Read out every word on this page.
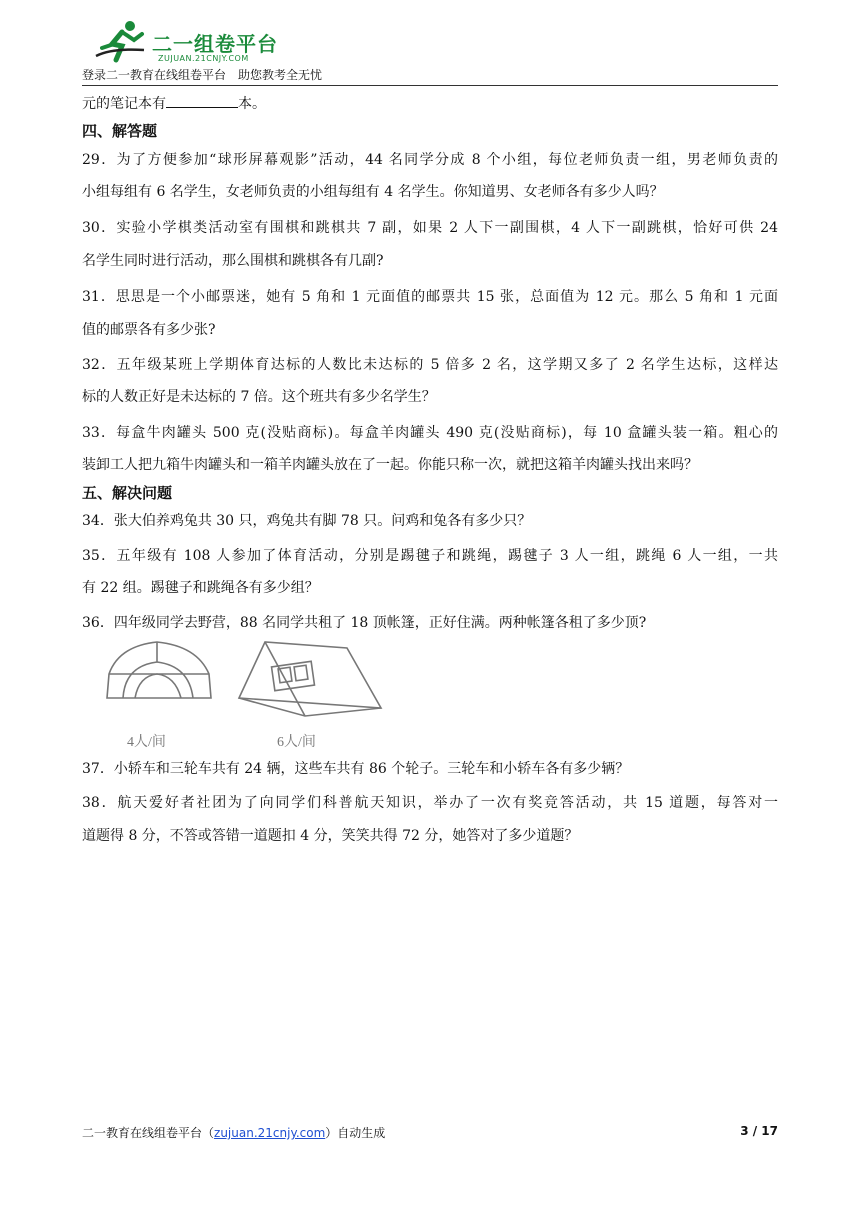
二一组卷平台
ZUJUAN.21CNJY.COM
登录二一教育在线组卷平台 助您教考全无忧
元的笔记本有	本。
四、解答题
29．为了方便参加“球形屏幕观影”活动，44 名同学分成 8 个小组，每位老师负责一组，男老师负责的
小组每组有 6 名学生，女老师负责的小组每组有 4 名学生。你知道男、女老师各有多少人吗？
30．实验小学棋类活动室有围棋和跳棋共 7 副，如果 2 人下一副围棋，4 人下一副跳棋，恰好可供 24
名学生同时进行活动，那么围棋和跳棋各有几副?
31．思思是一个小邮票迷，她有 5 角和 1 元面值的邮票共 15 张，总面值为 12 元。那么 5 角和 1 元面
值的邮票各有多少张?
32．五年级某班上学期体育达标的人数比未达标的 5 倍多 2 名，这学期又多了 2 名学生达标，这样达
标的人数正好是未达标的 7 倍。这个班共有多少名学生？
33．每盒牛肉罐头 500 克(没贴商标)。每盒羊肉罐头 490 克(没贴商标)，每 10 盒罐头装一箱。粗心的
装卸工人把九箱牛肉罐头和一箱羊肉罐头放在了一起。你能只称一次，就把这箱羊肉罐头找出来吗？
五、解决问题
34．张大伯养鸡兔共 30 只，鸡兔共有脚 78 只。问鸡和兔各有多少只？
35．五年级有 108 人参加了体育活动，分别是踢毽子和跳绳，踢毽子 3 人一组，跳绳 6 人一组，一共
有 22 组。踢毽子和跳绳各有多少组？
36．四年级同学去野营，88 名同学共租了 18 顶帐篷，正好住满。两种帐篷各租了多少顶?
37．小轿车和三轮车共有 24 辆，这些车共有 86 个轮子。三轮车和小轿车各有多少辆？
38．航天爱好者社团为了向同学们科普航天知识，举办了一次有奖竞答活动，共 15 道题，每答对一
道题得 8 分，不答或答错一道题扣 4 分，笑笑共得 72 分，她答对了多少道题？
4人/间	6人/间
二一教育在线组卷平台（zujuan.21cnjy.com）自动生成	3 / 17
